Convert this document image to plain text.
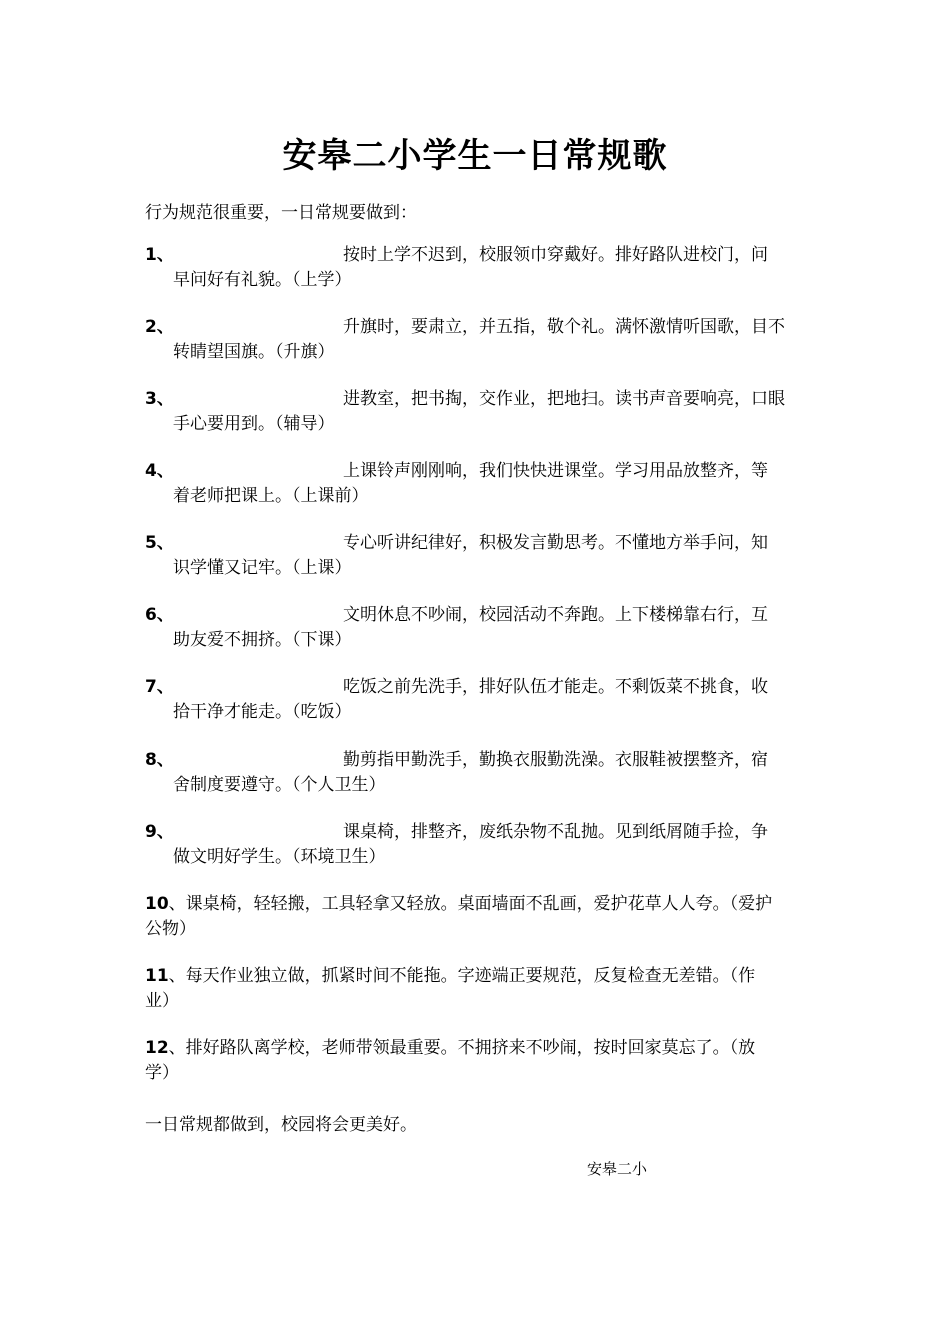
安皋二小学生一日常规歌

行为规范很重要，一日常规要做到：

1、	按时上学不迟到，校服领巾穿戴好。排好路队进校门，问
早问好有礼貌。（上学）

2、	升旗时，要肃立，并五指，敬个礼。满怀激情听国歌，目不
转睛望国旗。（升旗）

3、	进教室，把书掏，交作业，把地扫。读书声音要响亮，口眼
手心要用到。（辅导）

4、	上课铃声刚刚响，我们快快进课堂。学习用品放整齐，等
着老师把课上。（上课前）

5、	专心听讲纪律好，积极发言勤思考。不懂地方举手问，知
识学懂又记牢。（上课）

6、	文明休息不吵闹，校园活动不奔跑。上下楼梯靠右行，互
助友爱不拥挤。（下课）

7、	吃饭之前先洗手，排好队伍才能走。不剩饭菜不挑食，收
拾干净才能走。（吃饭）

8、	勤剪指甲勤洗手，勤换衣服勤洗澡。衣服鞋被摆整齐，宿
舍制度要遵守。（个人卫生）

9、	课桌椅，排整齐，废纸杂物不乱抛。见到纸屑随手捡，争
做文明好学生。（环境卫生）

10、课桌椅，轻轻搬，工具轻拿又轻放。桌面墙面不乱画，爱护花草人人夸。（爱护
公物）

11、每天作业独立做，抓紧时间不能拖。字迹端正要规范，反复检查无差错。（作
业）

12、排好路队离学校，老师带领最重要。不拥挤来不吵闹，按时回家莫忘了。（放
学）

一日常规都做到，校园将会更美好。

安皋二小
